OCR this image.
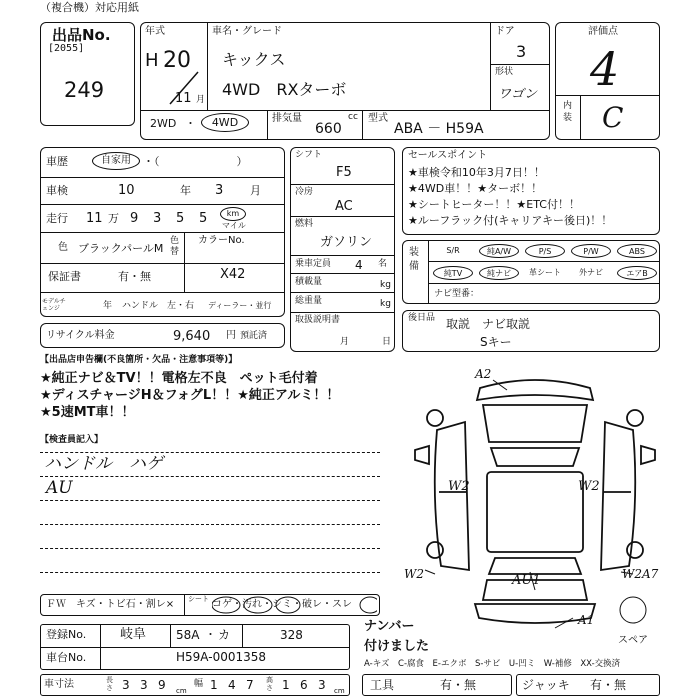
（複合機）対応用紙
出品No.
[2055]
249
年式
H 20
11 月
車名・グレード
キックス
4WD　RXターボ
ドア
3
形状
ワゴン
2WD ・	4WD	排気量
660
cc 型式
ABA － H59A
評価点
4
内装 C
車歴	自家用	・（　　　　　　　）
車検	10	年 3 月
走行 11 万 9 3 5 5	km
マイル
色 ブラックパールM
色替
カラーNo.
X42
保証書	有・無
モデルチェンジ	年 ハンドル　左・右 ディーラー・並行
リサイクル料金	9,640 円 預託済
シフト
F5
冷房
AC
燃料
ガソリン
乗車定員 4 名
積載量	kg
総重量	kg
取扱説明書
月	日
セールスポイント
★車検令和10年3月7日！！
★4WD車！！★ターボ！！
★シートヒーター！！★ETC付！！
★ルーフラック付(キャリアキー後日)！！
装備
S/R	純A/W	P/S	P/W	ABS
純TV	純ナビ	革シート	外ナビ	エアB
ナビ型番：
後日品 取説　ナビ取説
Sキー
【出品店申告欄(不良箇所・欠品・注意事項等)】
★純正ナビ＆TV！！電格左不良　ペット毛付着
★ディスチャージH＆フォグL！！★純正アルミ！！
★5速MT車！！
【検査員記入】
ハンドル　ハゲ
AU
A2
W2	W2
AU1
W2	W2A7
A1
スペア
ＦＷ キズ・トビ石・割レ× シート コゲ・汚れ・シミ・破レ・スレ
登録No.	岐阜 58A ・ カ	328
車台No.	H59A-0001358
車寸法	長さ 3 3 9	幅 1 4 7 高さ 1 6 3
cm	cm
ナンバー
付けました
A-キズ　C-腐食　E-エクボ　S-サビ　U-凹ミ　W-補修　XX-交換済
工具	有・無	ジャッキ 有・無
